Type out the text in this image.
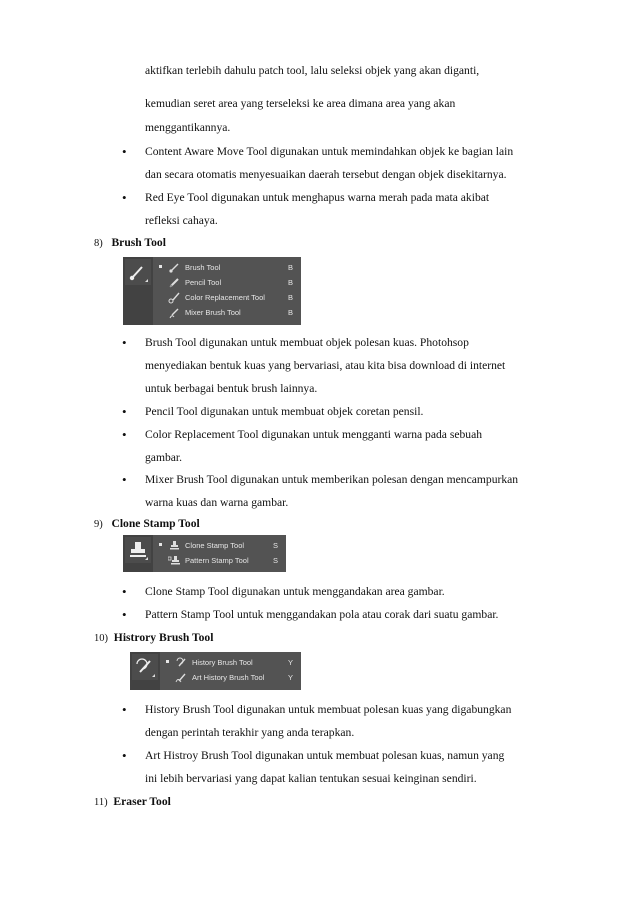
aktifkan terlebih dahulu patch tool, lalu seleksi objek yang akan diganti,
kemudian seret area yang terseleksi ke area dimana area yang akan
menggantikannya.
• Content Aware Move Tool digunakan untuk memindahkan objek ke bagian lain
dan secara otomatis menyesuaikan daerah tersebut dengan objek disekitarnya.
• Red Eye Tool digunakan untuk menghapus warna merah pada mata akibat
refleksi cahaya.
8) Brush Tool
Brush Tool	B
Pencil Tool	B
Color Replacement Tool	B
Mixer Brush Tool	B
• Brush Tool digunakan untuk membuat objek polesan kuas. Photohsop
menyediakan bentuk kuas yang bervariasi, atau kita bisa download di internet
untuk berbagai bentuk brush lainnya.
• Pencil Tool digunakan untuk membuat objek coretan pensil.
• Color Replacement Tool digunakan untuk mengganti warna pada sebuah
gambar.
• Mixer Brush Tool digunakan untuk memberikan polesan dengan mencampurkan
warna kuas dan warna gambar.
9) Clone Stamp Tool
Clone Stamp Tool	S
Pattern Stamp Tool	S
• Clone Stamp Tool digunakan untuk menggandakan area gambar.
• Pattern Stamp Tool untuk menggandakan pola atau corak dari suatu gambar.
10) Histrory Brush Tool
History Brush Tool	Y
Art History Brush Tool	Y
• History Brush Tool digunakan untuk membuat polesan kuas yang digabungkan
dengan perintah terakhir yang anda terapkan.
• Art Histroy Brush Tool digunakan untuk membuat polesan kuas, namun yang
ini lebih bervariasi yang dapat kalian tentukan sesuai keinginan sendiri.
11) Eraser Tool
